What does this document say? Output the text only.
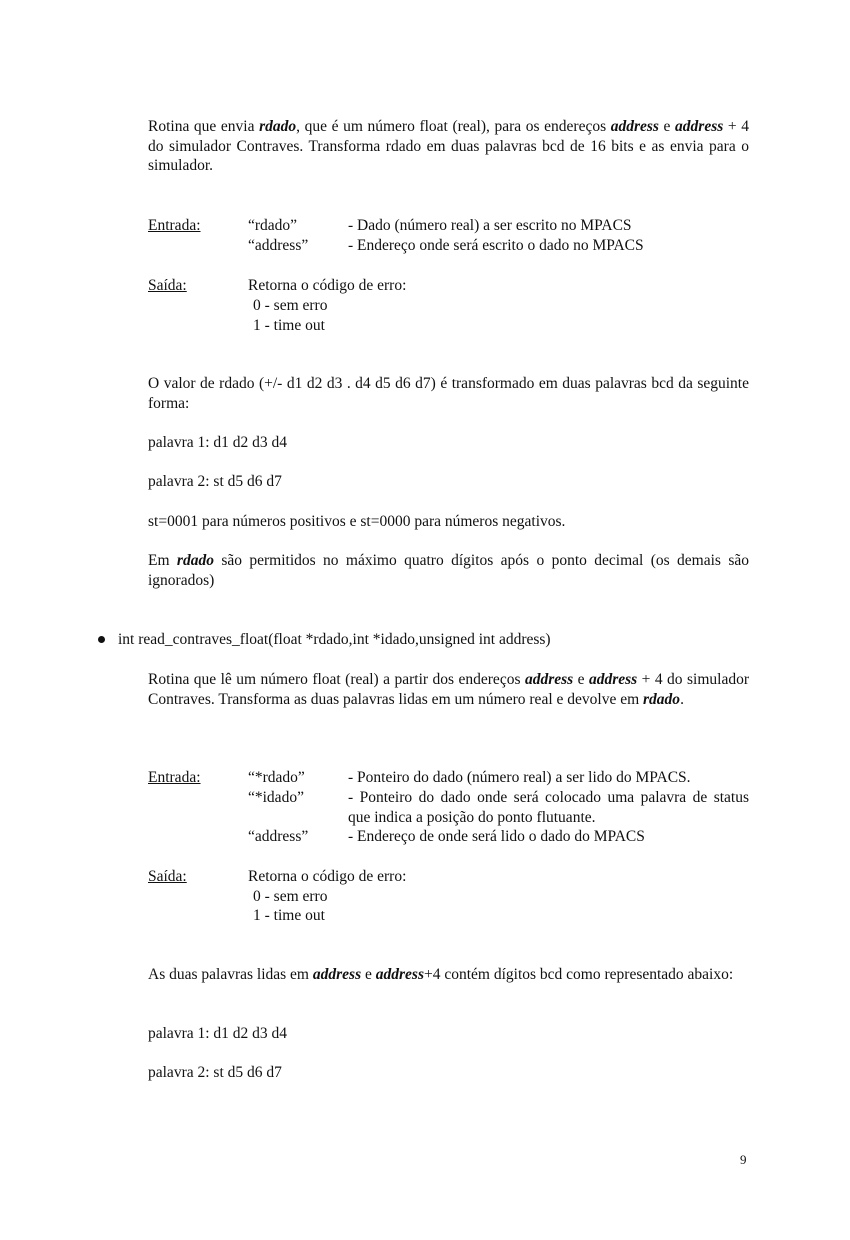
Rotina que envia rdado, que é um número float (real), para os endereços address e address + 4 do simulador Contraves. Transforma rdado em duas palavras bcd de 16 bits e as envia para o simulador.

Entrada:	“rdado”	- Dado (número real) a ser escrito no MPACS
“address”	- Endereço onde será escrito o dado no MPACS
Saída:	Retorna o código de erro:
0 - sem erro
1 - time out

O valor de rdado (+/- d1 d2 d3 . d4 d5 d6 d7) é transformado em duas palavras bcd da seguinte forma:

palavra 1: d1 d2 d3 d4

palavra 2: st d5 d6 d7

st=0001 para números positivos e st=0000 para números negativos.

Em rdado são permitidos no máximo quatro dígitos após o ponto decimal (os demais são ignorados)

int read_contraves_float(float *rdado,int *idado,unsigned int address)

Rotina que lê um número float (real) a partir dos endereços address e address + 4 do simulador Contraves. Transforma as duas palavras lidas em um número real e devolve em rdado.

Entrada:	“*rdado”	- Ponteiro do dado (número real) a ser lido do MPACS.
“*idado”	- Ponteiro do dado onde será colocado uma palavra de status que indica a posição do ponto flutuante.
“address”	- Endereço de onde será lido o dado do MPACS
Saída:	Retorna o código de erro:
0 - sem erro
1 - time out

As duas palavras lidas em address e address+4 contém dígitos bcd como representado abaixo:

palavra 1: d1 d2 d3 d4

palavra 2: st d5 d6 d7

9
